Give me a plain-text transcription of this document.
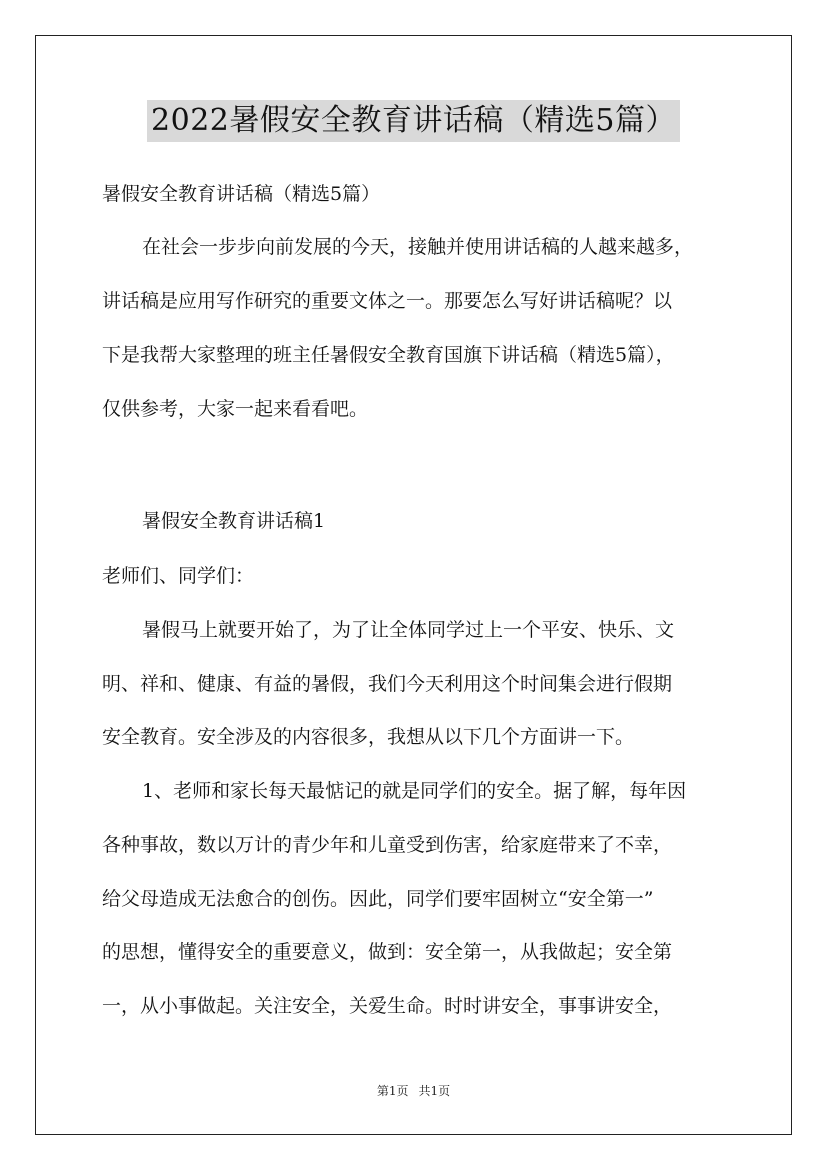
2022暑假安全教育讲话稿（精选5篇）
暑假安全教育讲话稿（精选5篇）
在社会一步步向前发展的今天，接触并使用讲话稿的人越来越多，
讲话稿是应用写作研究的重要文体之一。那要怎么写好讲话稿呢？以
下是我帮大家整理的班主任暑假安全教育国旗下讲话稿（精选5篇），
仅供参考，大家一起来看看吧。
暑假安全教育讲话稿1
老师们、同学们：
暑假马上就要开始了，为了让全体同学过上一个平安、快乐、文
明、祥和、健康、有益的暑假，我们今天利用这个时间集会进行假期
安全教育。安全涉及的内容很多，我想从以下几个方面讲一下。
1、老师和家长每天最惦记的就是同学们的安全。据了解，每年因
各种事故，数以万计的青少年和儿童受到伤害，给家庭带来了不幸，
给父母造成无法愈合的创伤。因此，同学们要牢固树立“安全第一”
的思想，懂得安全的重要意义，做到：安全第一，从我做起；安全第
一，从小事做起。关注安全，关爱生命。时时讲安全，事事讲安全，
第1页 共1页
